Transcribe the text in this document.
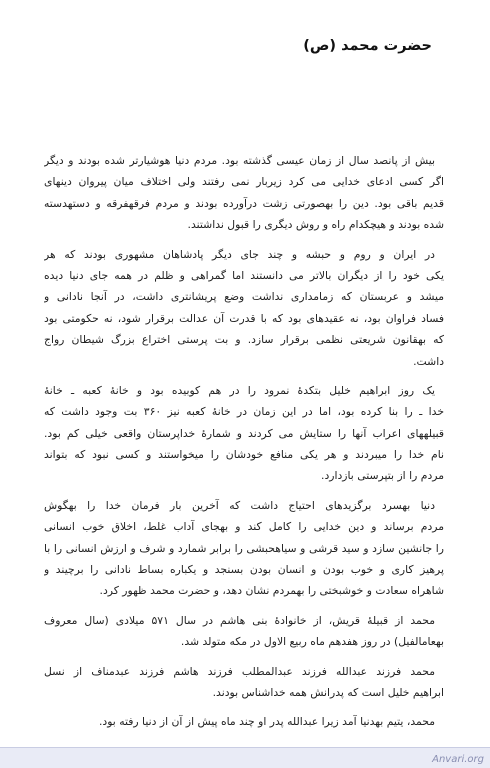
حضرت محمد (ص)
بیش از پانصد سال از زمان عیسی گذشته بود. مردم دنیا هوشیارتر شده بودند و دیگر
اگر کسی ادعای خدایی می کرد زیربار نمی رفتند ولی اختلاف میان پیروان دینهای
قدیم باقی بود. دین را بهصورتی زشت درآورده بودند و مردم فرقهفرقه و دستهدسته
شده بودند و هیچکدام راه و روش دیگری را قبول نداشتند.
در ایران و روم و حبشه و چند جای دیگر پادشاهان مشهوری بودند که هر
یکی خود را از دیگران بالاتر می دانستند اما گمراهی و ظلم در همه جای دنیا دیده
میشد و عربستان که زمامداری نداشت وضع پریشانتری داشت، در آنجا نادانی و
فساد فراوان بود، نه عقیدهای بود که با قدرت آن عدالت برقرار شود، نه حکومتی بود
که بهقانون شریعتی نظمی برقرار سازد. و بت پرستی اختراع بزرگ شیطان رواج
داشت.
یک روز ابراهیم خلیل بتکدهٔ نمرود را در هم کوبیده بود و خانهٔ کعبه ـ خانهٔ
خدا ـ را بنا کرده بود، اما در این زمان در خانهٔ کعبه نیز ۳۶۰ بت وجود داشت که
قبیلههای اعراب آنها را ستایش می کردند و شمارهٔ خداپرستان واقعی خیلی کم بود.
نام خدا را میبردند و هر یکی منافع خودشان را میخواستند و کسی نبود که بتواند
مردم را از بتپرستی بازدارد.
دنیا بهسرد برگزیدهای احتیاج داشت که آخرین بار فرمان خدا را بهگوش
مردم برساند و دین خدایی را کامل کند و بهجای آداب غلط، اخلاق خوب انسانی
را جانشین سازد و سید قرشی و سیاهحبشی را برابر شمارد و شرف و ارزش انسانی را با
پرهیز کاری و خوب بودن و انسان بودن بسنجد و یکباره بساط نادانی را برچیند و
شاهراه سعادت و خوشبختی را بهمردم نشان دهد، و حضرت محمد ظهور کرد.
محمد از قبیلهٔ قریش، از خانوادهٔ بنی هاشم در سال ۵۷۱ میلادی (سال معروف
بهعامالفیل) در روز هفدهم ماه ربیع الاول در مکه متولد شد.
محمد فرزند عبدالله فرزند عبدالمطلب فرزند هاشم فرزند عبدمناف از نسل
ابراهیم خلیل است که پدرانش همه خداشناس بودند.
محمد، یتیم بهدنیا آمد زیرا عبدالله پدر او چند ماه پیش از آن از دنیا رفته بود.
Anvari.org
